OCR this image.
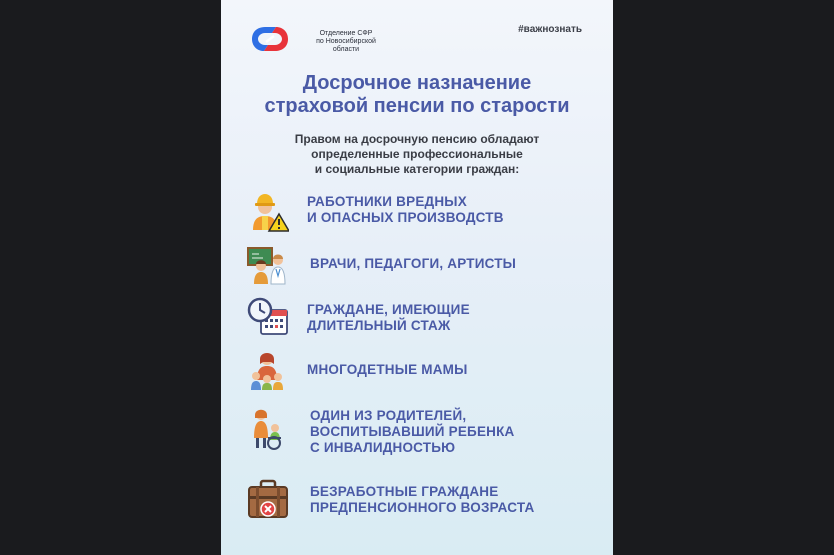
Отделение СФР
по Новосибирской
области
#важнознать
Досрочное назначение
страховой пенсии по старости
Правом на досрочную пенсию обладают
определенные профессиональные
и социальные категории граждан:
РАБОТНИКИ ВРЕДНЫХ
И ОПАСНЫХ ПРОИЗВОДСТВ
ВРАЧИ, ПЕДАГОГИ, АРТИСТЫ
ГРАЖДАНЕ, ИМЕЮЩИЕ
ДЛИТЕЛЬНЫЙ СТАЖ
МНОГОДЕТНЫЕ МАМЫ
ОДИН ИЗ РОДИТЕЛЕЙ,
ВОСПИТЫВАВШИЙ РЕБЕНКА
С ИНВАЛИДНОСТЬЮ
БЕЗРАБОТНЫЕ ГРАЖДАНЕ
ПРЕДПЕНСИОННОГО ВОЗРАСТА
